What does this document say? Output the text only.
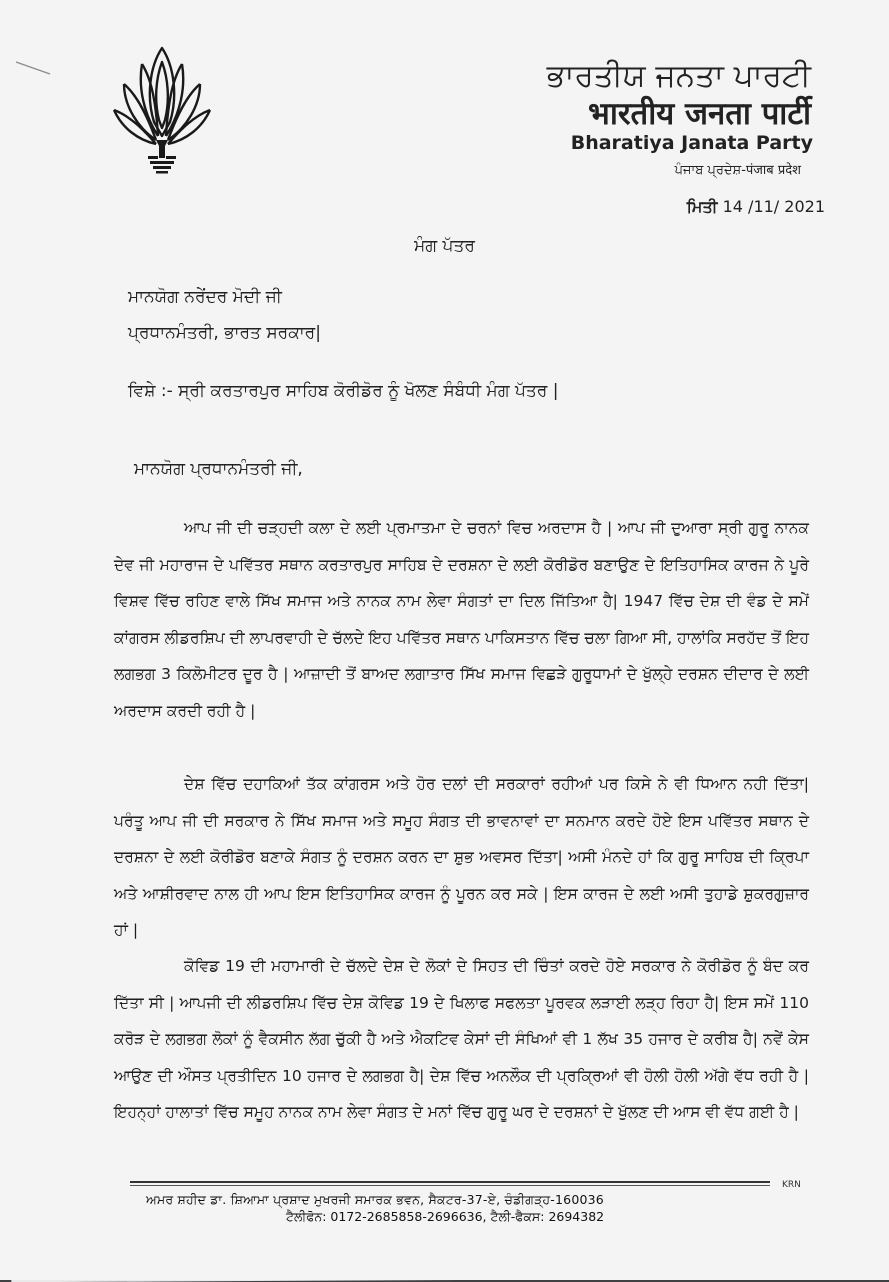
ਭਾਰਤੀਯ ਜਨਤਾ ਪਾਰਟੀ
भारतीय जनता पार्टी
Bharatiya Janata Party
ਪੰਜਾਬ ਪ੍ਰਦੇਸ਼-पंजाब प्रदेश
ਮਿਤੀ 14 /11/ 2021
ਮੰਗ ਪੱਤਰ
ਮਾਨਯੋਗ ਨਰੇਂਦਰ ਮੋਦੀ ਜੀ
ਪ੍ਰਧਾਨਮੰਤਰੀ, ਭਾਰਤ ਸਰਕਾਰ|
ਵਿਸ਼ੇ :- ਸ੍ਰੀ ਕਰਤਾਰਪੁਰ ਸਾਹਿਬ ਕੋਰੀਡੋਰ ਨੂੰ ਖੋਲਣ ਸੰਬੰਧੀ ਮੰਗ ਪੱਤਰ |
ਮਾਨਯੋਗ ਪ੍ਰਧਾਨਮੰਤਰੀ ਜੀ,

ਆਪ ਜੀ ਦੀ ਚੜ੍ਹਦੀ ਕਲਾ ਦੇ ਲਈ ਪ੍ਰਮਾਤਮਾ ਦੇ ਚਰਨਾਂ ਵਿਚ ਅਰਦਾਸ ਹੈ | ਆਪ ਜੀ ਦੁਆਰਾ ਸ੍ਰੀ ਗੁਰੂ ਨਾਨਕ ਦੇਵ ਜੀ ਮਹਾਰਾਜ ਦੇ ਪਵਿੱਤਰ ਸਥਾਨ ਕਰਤਾਰਪੁਰ ਸਾਹਿਬ ਦੇ ਦਰਸ਼ਨਾ ਦੇ ਲਈ ਕੋਰੀਡੋਰ ਬਣਾਉਣ ਦੇ ਇਤਿਹਾਸਿਕ ਕਾਰਜ ਨੇ ਪੂਰੇ ਵਿਸ਼ਵ ਵਿੱਚ ਰਹਿਣ ਵਾਲੇ ਸਿੱਖ ਸਮਾਜ ਅਤੇ ਨਾਨਕ ਨਾਮ ਲੇਵਾ ਸੰਗਤਾਂ ਦਾ ਦਿਲ ਜਿੱਤਿਆ ਹੈ| 1947 ਵਿੱਚ ਦੇਸ਼ ਦੀ ਵੰਡ ਦੇ ਸਮੇਂ ਕਾਂਗਰਸ ਲੀਡਰਸ਼ਿਪ ਦੀ ਲਾਪਰਵਾਹੀ ਦੇ ਚੱਲਦੇ ਇਹ ਪਵਿੱਤਰ ਸਥਾਨ ਪਾਕਿਸਤਾਨ ਵਿੱਚ ਚਲਾ ਗਿਆ ਸੀ, ਹਾਲਾਂਕਿ ਸਰਹੱਦ ਤੋਂ ਇਹ ਲਗਭਗ 3 ਕਿਲੋਮੀਟਰ ਦੂਰ ਹੈ | ਆਜ਼ਾਦੀ ਤੋਂ ਬਾਅਦ ਲਗਾਤਾਰ ਸਿੱਖ ਸਮਾਜ ਵਿਛੜੇ ਗੁਰੂਧਾਮਾਂ ਦੇ ਖੁੱਲ੍ਹੇ ਦਰਸ਼ਨ ਦੀਦਾਰ ਦੇ ਲਈ ਅਰਦਾਸ ਕਰਦੀ ਰਹੀ ਹੈ |

ਦੇਸ਼ ਵਿੱਚ ਦਹਾਕਿਆਂ ਤੱਕ ਕਾਂਗਰਸ ਅਤੇ ਹੋਰ ਦਲਾਂ ਦੀ ਸਰਕਾਰਾਂ ਰਹੀਆਂ ਪਰ ਕਿਸੇ ਨੇ ਵੀ ਧਿਆਨ ਨਹੀ ਦਿੱਤਾ| ਪਰੰਤੂ ਆਪ ਜੀ ਦੀ ਸਰਕਾਰ ਨੇ ਸਿੱਖ ਸਮਾਜ ਅਤੇ ਸਮੂਹ ਸੰਗਤ ਦੀ ਭਾਵਨਾਵਾਂ ਦਾ ਸਨਮਾਨ ਕਰਦੇ ਹੋਏ ਇਸ ਪਵਿੱਤਰ ਸਥਾਨ ਦੇ ਦਰਸ਼ਨਾ ਦੇ ਲਈ ਕੋਰੀਡੋਰ ਬਣਾਕੇ ਸੰਗਤ ਨੂੰ ਦਰਸ਼ਨ ਕਰਨ ਦਾ ਸ਼ੁਭ ਅਵਸਰ ਦਿੱਤਾ| ਅਸੀ ਮੰਨਦੇ ਹਾਂ ਕਿ ਗੁਰੂ ਸਾਹਿਬ ਦੀ ਕ੍ਰਿਪਾ ਅਤੇ ਆਸ਼ੀਰਵਾਦ ਨਾਲ ਹੀ ਆਪ ਇਸ ਇਤਿਹਾਸਿਕ ਕਾਰਜ ਨੂੰ ਪੂਰਨ ਕਰ ਸਕੇ | ਇਸ ਕਾਰਜ ਦੇ ਲਈ ਅਸੀ ਤੁਹਾਡੇ ਸ਼ੁਕਰਗੁਜ਼ਾਰ ਹਾਂ |

ਕੋਵਿਡ 19 ਦੀ ਮਹਾਮਾਰੀ ਦੇ ਚੱਲਦੇ ਦੇਸ਼ ਦੇ ਲੋਕਾਂ ਦੇ ਸਿਹਤ ਦੀ ਚਿੰਤਾਂ ਕਰਦੇ ਹੋਏ ਸਰਕਾਰ ਨੇ ਕੋਰੀਡੋਰ ਨੂੰ ਬੰਦ ਕਰ ਦਿੱਤਾ ਸੀ | ਆਪਜੀ ਦੀ ਲੀਡਰਸ਼ਿਪ ਵਿੱਚ ਦੇਸ਼ ਕੋਵਿਡ 19 ਦੇ ਖਿਲਾਫ ਸਫਲਤਾ ਪੂਰਵਕ ਲੜਾਈ ਲੜ੍ਹ ਰਿਹਾ ਹੈ| ਇਸ ਸਮੇਂ 110 ਕਰੋੜ ਦੇ ਲਗਭਗ ਲੋਕਾਂ ਨੂੰ ਵੈਕਸੀਨ ਲੱਗ ਚੁੱਕੀ ਹੈ ਅਤੇ ਐਕਟਿਵ ਕੇਸਾਂ ਦੀ ਸੰਖਿਆਂ ਵੀ 1 ਲੱਖ 35 ਹਜਾਰ ਦੇ ਕਰੀਬ ਹੈ| ਨਵੇਂ ਕੇਸ ਆਉਣ ਦੀ ਔਸਤ ਪ੍ਰਤੀਦਿਨ 10 ਹਜਾਰ ਦੇ ਲਗਭਗ ਹੈ| ਦੇਸ਼ ਵਿੱਚ ਅਨਲੌਕ ਦੀ ਪ੍ਰਕ੍ਰਿਆਂ ਵੀ ਹੋਲੀ ਹੋਲੀ ਅੱਗੇ ਵੱਧ ਰਹੀ ਹੈ |ਇਹਨ੍ਹਾਂ ਹਾਲਾਤਾਂ ਵਿੱਚ ਸਮੂਹ ਨਾਨਕ ਨਾਮ ਲੇਵਾ ਸੰਗਤ ਦੇ ਮਨਾਂ ਵਿੱਚ ਗੁਰੂ ਘਰ ਦੇ ਦਰਸ਼ਨਾਂ ਦੇ ਖੁੱਲਣ ਦੀ ਆਸ ਵੀ ਵੱਧ ਗਈ ਹੈ |

KRN
ਅਮਰ ਸ਼ਹੀਦ ਡਾ. ਸ਼ਿਆਮਾ ਪ੍ਰਸ਼ਾਦ ਮੁਖਰਜੀ ਸਮਾਰਕ ਭਵਨ, ਸੈਕਟਰ-37-ਏ, ਚੰਡੀਗੜ੍ਹ-160036
ਟੈਲੀਫੋਨ: 0172-2685858-2696636, ਟੈਲੀ-ਫੈਕਸ: 2694382
